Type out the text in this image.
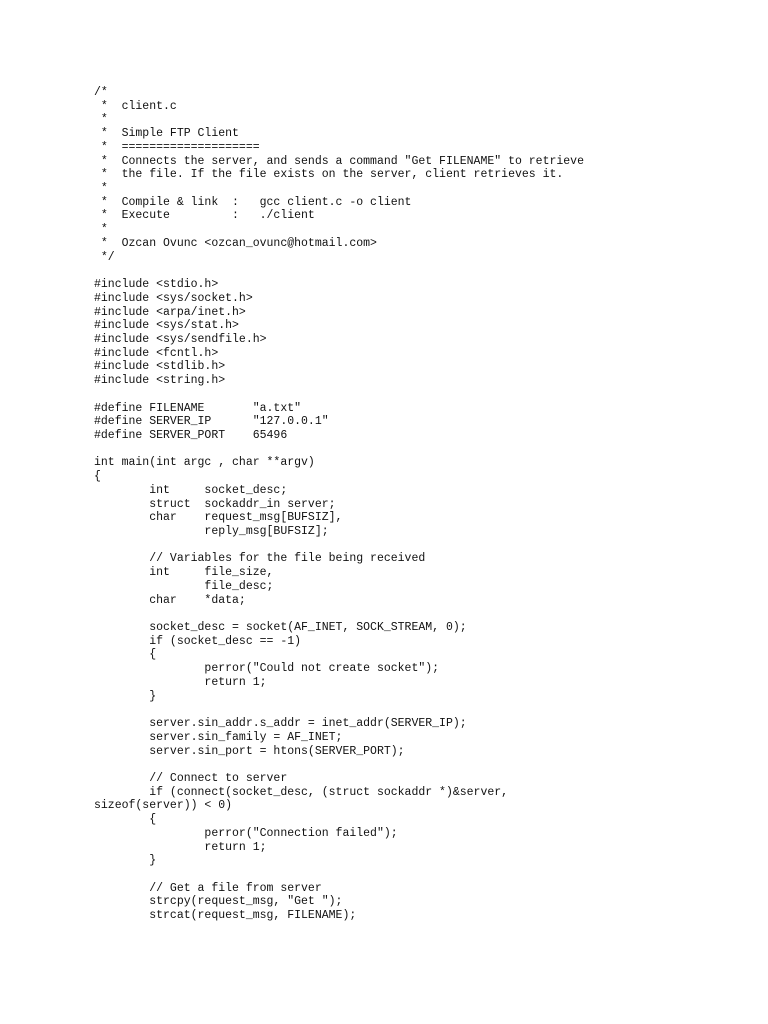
/*
*  client.c
*
*  Simple FTP Client
*  ====================
*  Connects the server, and sends a command "Get FILENAME" to retrieve
*  the file. If the file exists on the server, client retrieves it.
*
*  Compile & link  :   gcc client.c -o client
*  Execute         :   ./client
*
*  Ozcan Ovunc <ozcan_ovunc@hotmail.com>
*/
#include <stdio.h>
#include <sys/socket.h>
#include <arpa/inet.h>
#include <sys/stat.h>
#include <sys/sendfile.h>
#include <fcntl.h>
#include <stdlib.h>
#include <string.h>
#define FILENAME       "a.txt"
#define SERVER_IP      "127.0.0.1"
#define SERVER_PORT    65496
int main(int argc , char **argv)
{
int     socket_desc;
struct  sockaddr_in server;
char    request_msg[BUFSIZ],
reply_msg[BUFSIZ];
// Variables for the file being received
int     file_size,
file_desc;
char    *data;
socket_desc = socket(AF_INET, SOCK_STREAM, 0);
if (socket_desc == -1)
{
perror("Could not create socket");
return 1;
}
server.sin_addr.s_addr = inet_addr(SERVER_IP);
server.sin_family = AF_INET;
server.sin_port = htons(SERVER_PORT);
// Connect to server
if (connect(socket_desc, (struct sockaddr *)&server,
sizeof(server)) < 0)
{
perror("Connection failed");
return 1;
}
// Get a file from server
strcpy(request_msg, "Get ");
strcat(request_msg, FILENAME);
